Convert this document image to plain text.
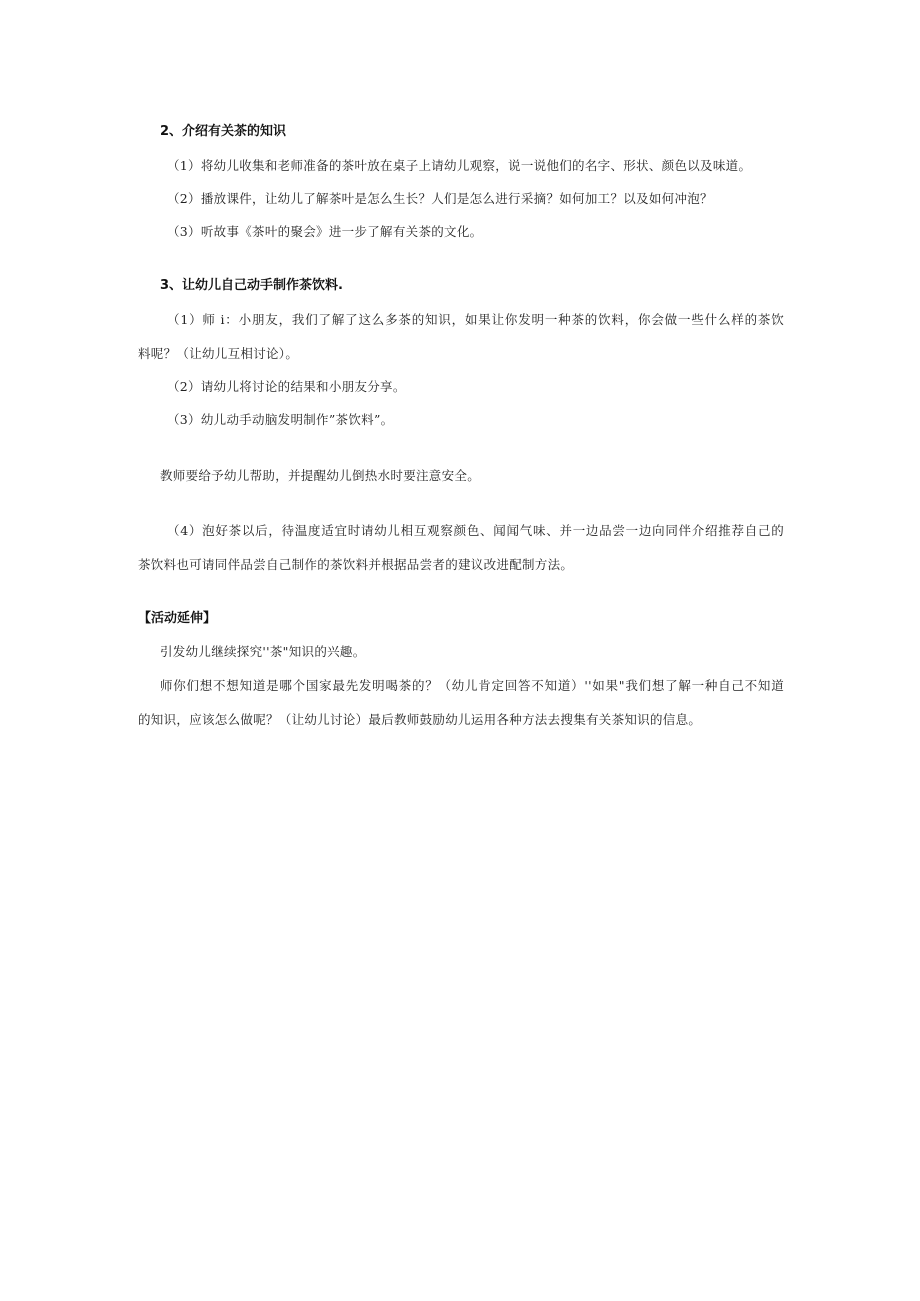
2、介绍有关茶的知识
（1）将幼儿收集和老师准备的茶叶放在桌子上请幼儿观察，说一说他们的名字、形状、颜色以及味道。
（2）播放课件，让幼儿了解茶叶是怎么生长？人们是怎么进行采摘？如何加工？以及如何冲泡？
（3）听故事《茶叶的聚会》进一步了解有关茶的文化。
3、让幼儿自己动手制作茶饮料.
（1）师 i：小朋友，我们了解了这么多茶的知识，如果让你发明一种茶的饮料，你会做一些什么样的茶饮
料呢？（让幼儿互相讨论）。
（2）请幼儿将讨论的结果和小朋友分享。
（3）幼儿动手动脑发明制作”茶饮料”。
教师要给予幼儿帮助，并提醒幼儿倒热水时要注意安全。
（4）泡好茶以后，待温度适宜时请幼儿相互观察颜色、闻闻气味、并一边品尝一边向同伴介绍推荐自己的
茶饮料也可请同伴品尝自己制作的茶饮料并根据品尝者的建议改进配制方法。
【活动延伸】
引发幼儿继续探究''茶"知识的兴趣。
师你们想不想知道是哪个国家最先发明喝茶的？（幼儿肯定回答不知道）''如果"我们想了解一种自己不知道
的知识，应该怎么做呢？（让幼儿讨论）最后教师鼓励幼儿运用各种方法去搜集有关茶知识的信息。
